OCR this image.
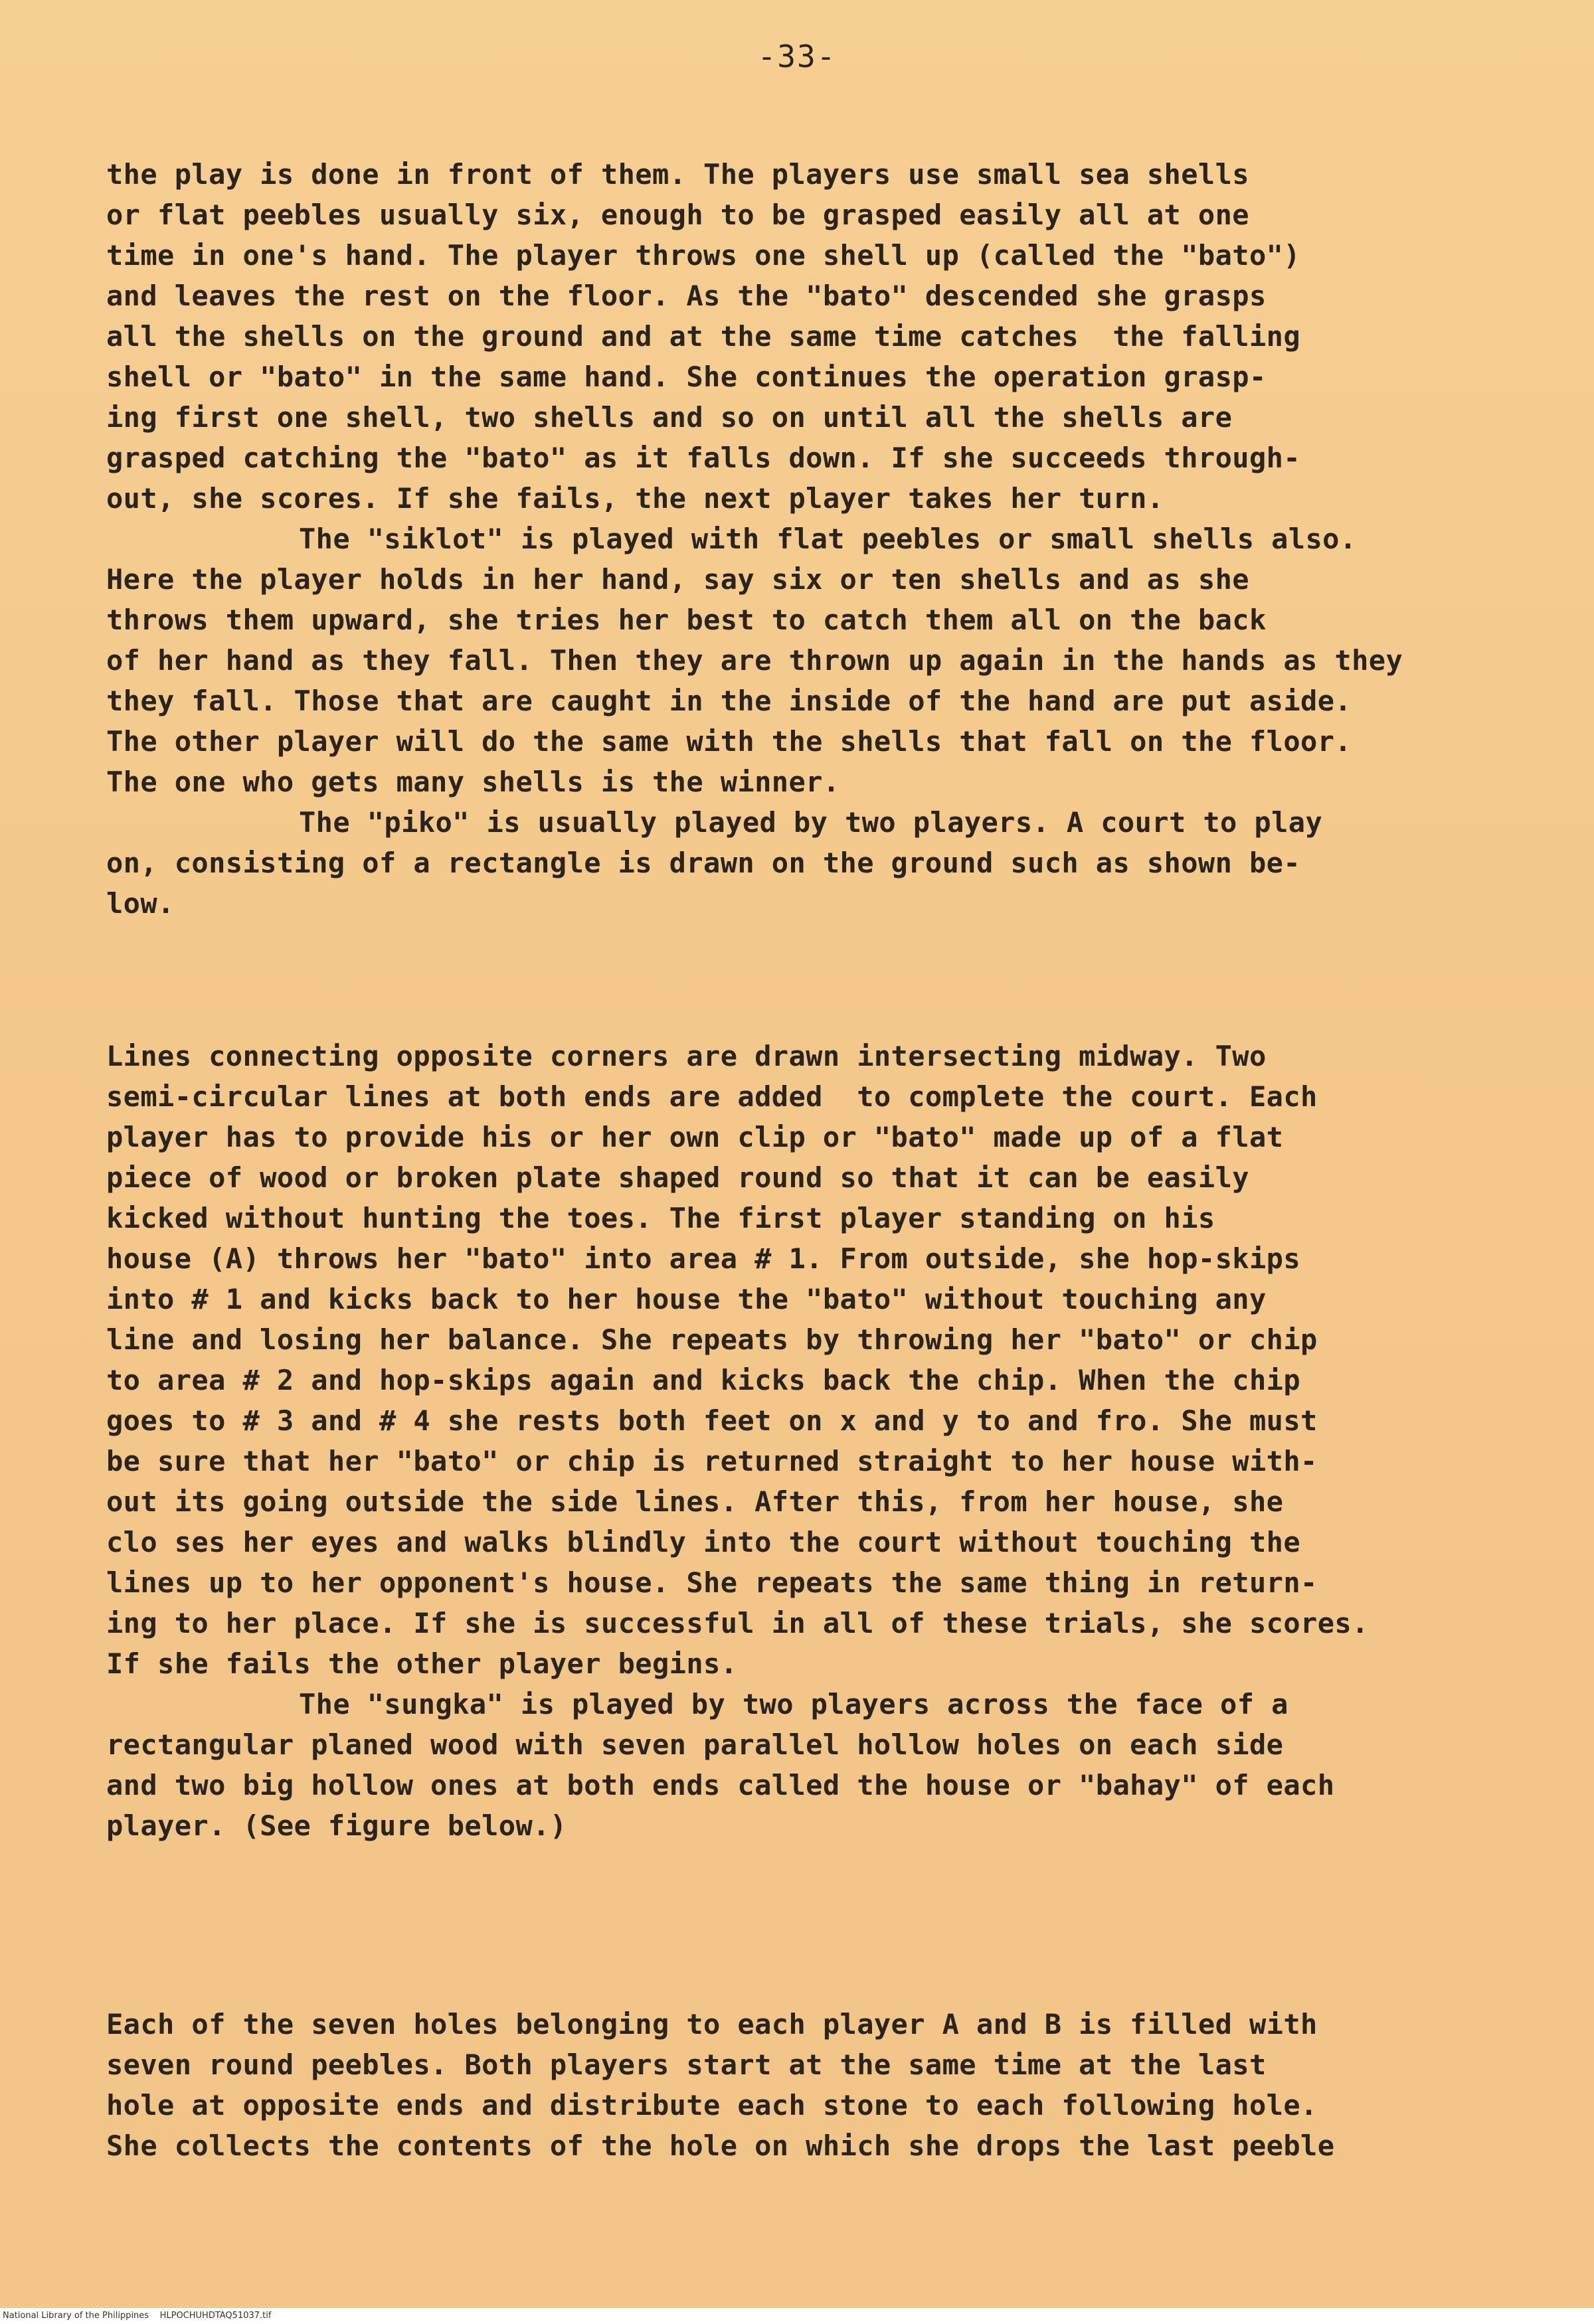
-33-
the play is done in front of them. The players use small sea shells
or flat peebles usually six, enough to be grasped easily all at one
time in one's hand. The player throws one shell up (called the "bato")
and leaves the rest on the floor. As the "bato" descended she grasps
all the shells on the ground and at the same time catches  the falling
shell or "bato" in the same hand. She continues the operation grasp-
ing first one shell, two shells and so on until all the shells are
grasped catching the "bato" as it falls down. If she succeeds through-
out, she scores. If she fails, the next player takes her turn.
The "siklot" is played with flat peebles or small shells also.
Here the player holds in her hand, say six or ten shells and as she
throws them upward, she tries her best to catch them all on the back
of her hand as they fall. Then they are thrown up again in the hands as they
they fall. Those that are caught in the inside of the hand are put aside.
The other player will do the same with the shells that fall on the floor.
The one who gets many shells is the winner.
The "piko" is usually played by two players. A court to play
on, consisting of a rectangle is drawn on the ground such as shown be-
low.
Lines connecting opposite corners are drawn intersecting midway. Two
semi-circular lines at both ends are added  to complete the court. Each
player has to provide his or her own clip or "bato" made up of a flat
piece of wood or broken plate shaped round so that it can be easily
kicked without hunting the toes. The first player standing on his
house (A) throws her "bato" into area # 1. From outside, she hop-skips
into # 1 and kicks back to her house the "bato" without touching any
line and losing her balance. She repeats by throwing her "bato" or chip
to area # 2 and hop-skips again and kicks back the chip. When the chip
goes to # 3 and # 4 she rests both feet on x and y to and fro. She must
be sure that her "bato" or chip is returned straight to her house with-
out its going outside the side lines. After this, from her house, she
clo ses her eyes and walks blindly into the court without touching the
lines up to her opponent's house. She repeats the same thing in return-
ing to her place. If she is successful in all of these trials, she scores.
If she fails the other player begins.
The "sungka" is played by two players across the face of a
rectangular planed wood with seven parallel hollow holes on each side
and two big hollow ones at both ends called the house or "bahay" of each
player. (See figure below.)
Each of the seven holes belonging to each player A and B is filled with
seven round peebles. Both players start at the same time at the last
hole at opposite ends and distribute each stone to each following hole.
She collects the contents of the hole on which she drops the last peeble
National Library of the Philippines    HLPOCHUHDTAQ51037.tif
